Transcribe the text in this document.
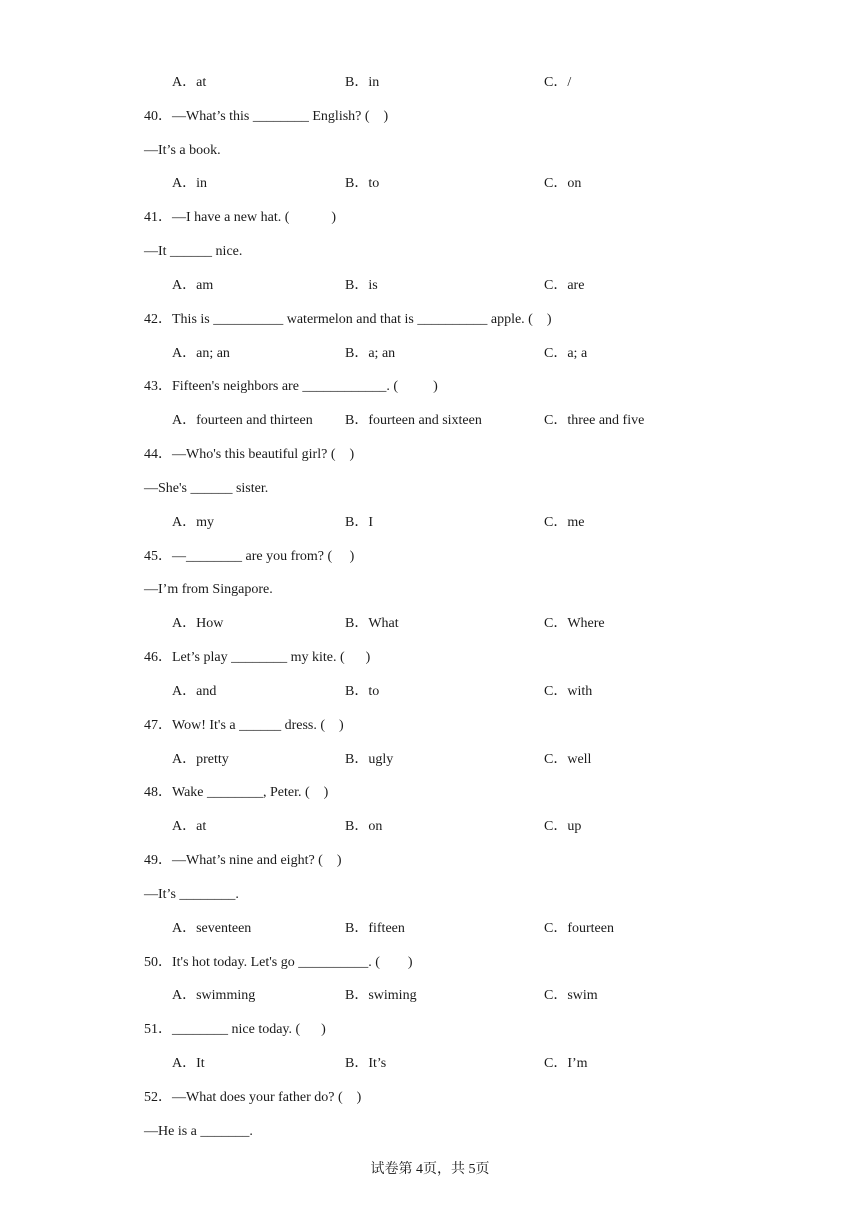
A．at	B．in	C．/
40．—What’s this ________ English? (    )
—It’s a book.
A．in	B．to	C．on
41．—I have a new hat. (            )
—It ______ nice.
A．am	B．is	C．are
42．This is __________ watermelon and that is __________ apple. (    )
A．an; an	B．a; an	C．a; a
43．Fifteen's neighbors are ____________. (          )
A．fourteen and thirteen B．fourteen and sixteen	C．three and five
44．—Who's this beautiful girl? (    )
—She's ______ sister.
A．my	B．I	C．me
45．—________ are you from? (     )
—I’m from Singapore.
A．How	B．What	C．Where
46．Let’s play ________ my kite. (      )
A．and	B．to	C．with
47．Wow! It's a ______ dress. (    )
A．pretty	B．ugly	C．well
48．Wake ________, Peter. (    )
A．at	B．on	C．up
49．—What’s nine and eight? (    )
—It’s ________.
A．seventeen	B．fifteen	C．fourteen
50．It's hot today. Let's go __________. (        )
A．swimming	B．swiming	C．swim
51．________ nice today. (      )
A．It	B．It’s	C．I’m
52．—What does your father do? (    )
—He is a _______.
试卷第 4页，共 5页
